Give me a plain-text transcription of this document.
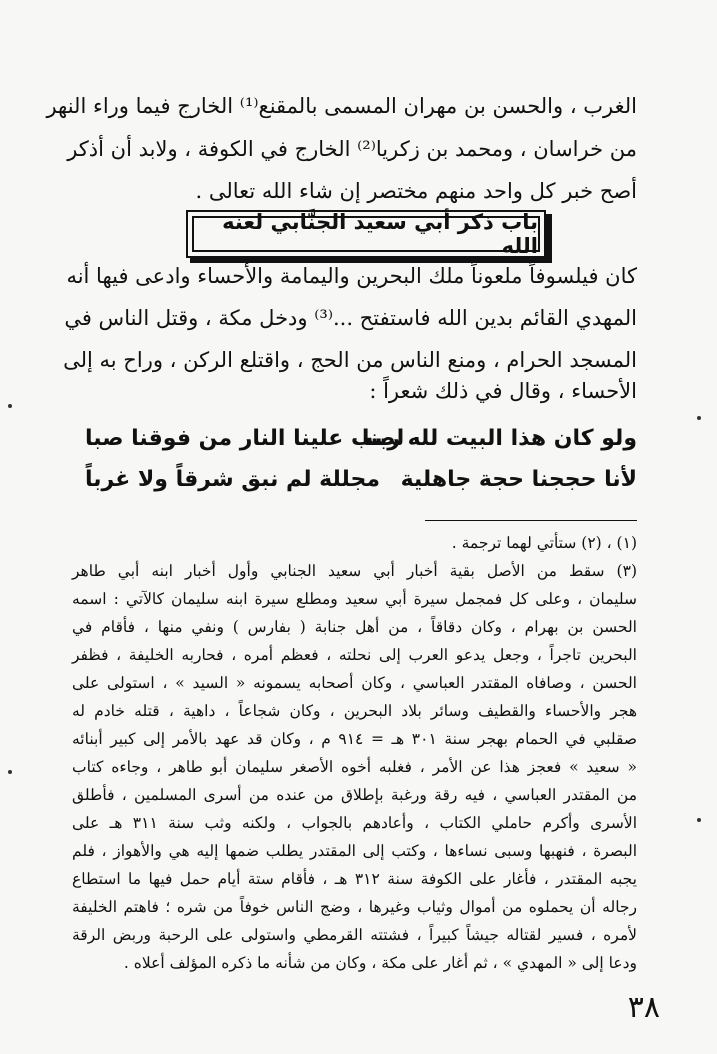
الغرب ، والحسن بن مهران المسمى بالمقنع⁽¹⁾ الخارج فيما وراء النهر
من خراسان ، ومحمد بن زكريا⁽²⁾ الخارج في الكوفة ، ولابد أن أذكر
أصح خبر كل واحد منهم مختصر إن شاء الله تعالى .
باب ذكر أبي سعيد الجنَّابي لعنه الله
كان فيلسوفاً ملعوناً ملك البحرين واليمامة والأحساء وادعى فيها أنه
المهدي القائم بدين الله فاستفتح ...⁽³⁾ ودخل مكة ، وقتل الناس في
المسجد الحرام ، ومنع الناس من الحج ، واقتلع الركن ، وراح به إلى
الأحساء ، وقال في ذلك شعراً :
ولو كان هذا البيت لله ربنا
لصب علينا النار من فوقنا صبا
لأنا حججنا حجة جاهلية
مجللة لم نبق شرقاً ولا غرباً
(١) ، (٢) ستأتي لهما ترجمة .
(٣) سقط من الأصل بقية أخبار أبي سعيد الجنابي وأول أخبار ابنه أبي طاهر
سليمان ، وعلى كل فمجمل سيرة أبي سعيد ومطلع سيرة ابنه سليمان كالآتي : اسمه
الحسن بن بهرام ، وكان دقاقاً ، من أهل جنابة ( بفارس ) ونفي منها ، فأقام في
البحرين تاجراً ، وجعل يدعو العرب إلى نحلته ، فعظم أمره ، فحاربه الخليفة ، فظفر
الحسن ، وصافاه المقتدر العباسي ، وكان أصحابه يسمونه « السيد » ، استولى على
هجر والأحساء والقطيف وسائر بلاد البحرين ، وكان شجاعاً ، داهية ، قتله خادم له
صقلبي في الحمام بهجر سنة ٣٠١ هـ = ٩١٤ م ، وكان قد عهد بالأمر إلى كبير أبنائه
« سعيد » فعجز هذا عن الأمر ، فغلبه أخوه الأصغر سليمان أبو طاهر ، وجاءه كتاب
من المقتدر العباسي ، فيه رقة ورغبة بإطلاق من عنده من أسرى المسلمين ، فأطلق
الأسرى وأكرم حاملي الكتاب ، وأعادهم بالجواب ، ولكنه وثب سنة ٣١١ هـ على
البصرة ، فنهبها وسبى نساءها ، وكتب إلى المقتدر يطلب ضمها إليه هي والأهواز ، فلم
يجبه المقتدر ، فأغار على الكوفة سنة ٣١٢ هـ ، فأقام ستة أيام حمل فيها ما استطاع
رجاله أن يحملوه من أموال وثياب وغيرها ، وضج الناس خوفاً من شره ؛ فاهتم الخليفة
لأمره ، فسير لقتاله جيشاً كبيراً ، فشتته القرمطي واستولى على الرحبة وربض الرقة
ودعا إلى « المهدي » ، ثم أغار على مكة ، وكان من شأنه ما ذكره المؤلف أعلاه .
٣٨
